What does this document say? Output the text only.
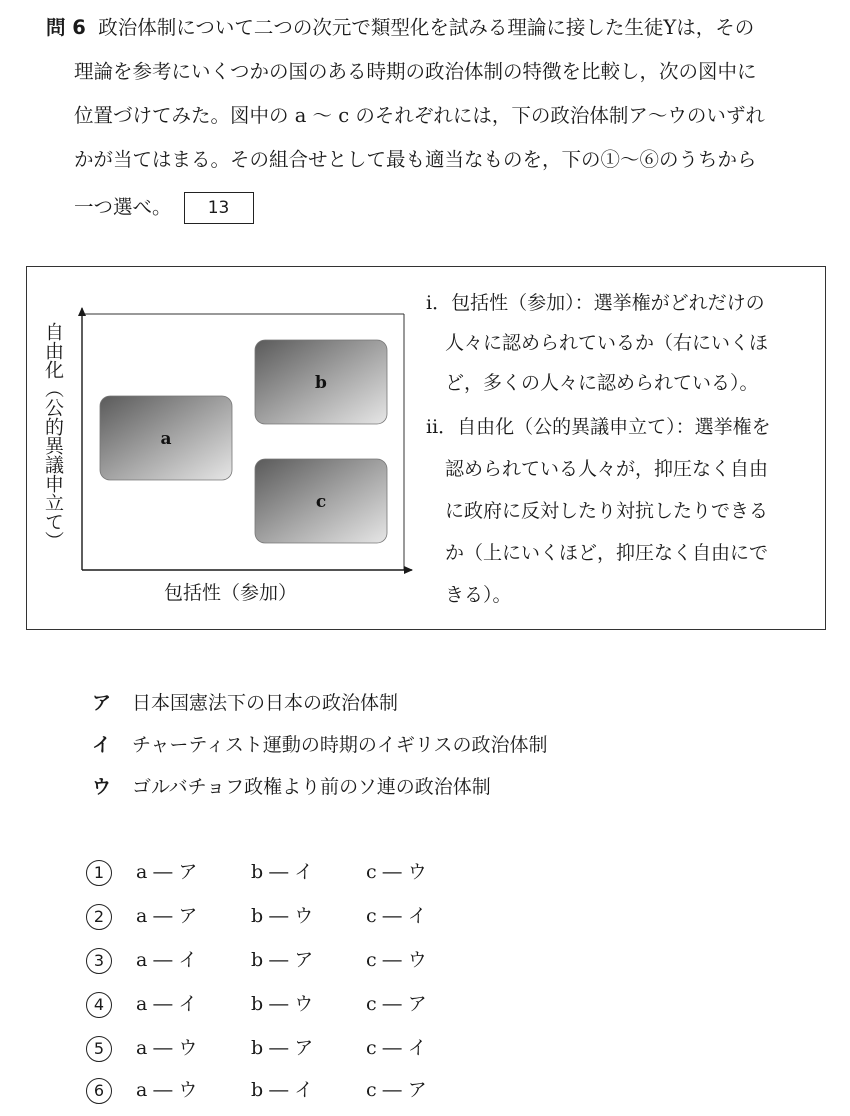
問 6 政治体制について二つの次元で類型化を試みる理論に接した生徒Yは，その
理論を参考にいくつかの国のある時期の政治体制の特徴を比較し，次の図中に
位置づけてみた。図中の a ～ c のそれぞれには，下の政治体制ア～ウのいずれ
かが当てはまる。その組合せとして最も適当なものを，下の①～⑥のうちから
一つ選べ。 13
a
b
c
自由化（公的異議申立て）
包括性（参加）
ⅰ．包括性（参加）：選挙権がどれだけの
　人々に認められているか（右にいくほ
　ど，多くの人々に認められている）。
ⅱ．自由化（公的異議申立て）：選挙権を
　認められている人々が，抑圧なく自由
　に政府に反対したり対抗したりできる
　か（上にいくほど，抑圧なく自由にで
　きる）。
ア 日本国憲法下の日本の政治体制
イ チャーティスト運動の時期のイギリスの政治体制
ウ ゴルバチョフ政権より前のソ連の政治体制
1 a ― ア	b ― イ	c ― ウ
2 a ― ア	b ― ウ	c ― イ
3 a ― イ	b ― ア	c ― ウ
4 a ― イ	b ― ウ	c ― ア
5 a ― ウ	b ― ア	c ― イ
6 a ― ウ	b ― イ	c ― ア
